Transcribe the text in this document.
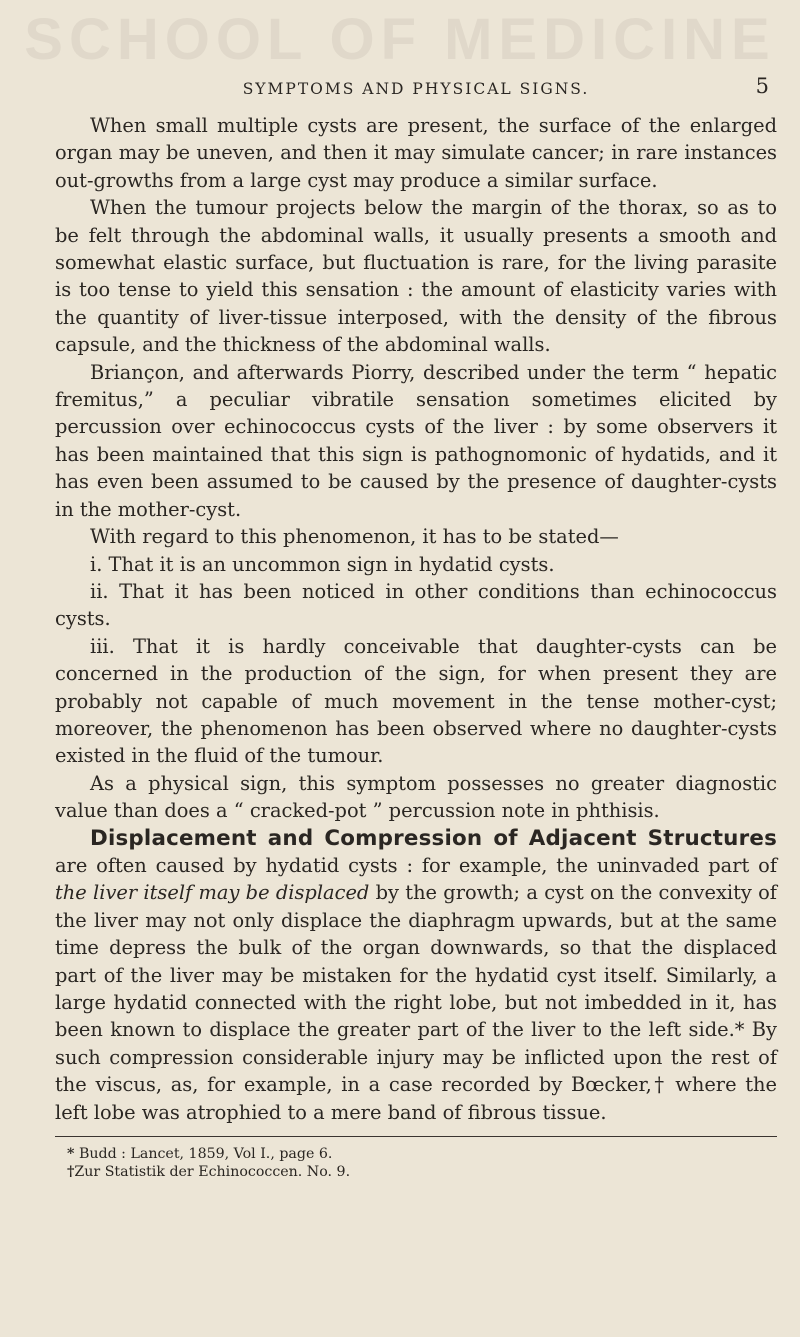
SCHOOL OF MEDICINE
SYMPTOMS AND PHYSICAL SIGNS.	5

When small multiple cysts are present, the surface of the enlarged organ may be uneven, and then it may simulate cancer; in rare instances out-growths from a large cyst may produce a similar surface.

When the tumour projects below the margin of the thorax, so as to be felt through the abdominal walls, it usually presents a smooth and somewhat elastic surface, but fluctuation is rare, for the living parasite is too tense to yield this sensation : the amount of elasticity varies with the quantity of liver-tissue interposed, with the density of the fibrous capsule, and the thickness of the abdominal walls.

Briançon, and afterwards Piorry, described under the term “ hepatic fremitus,” a peculiar vibratile sensation sometimes elicited by percussion over echinococcus cysts of the liver : by some observers it has been maintained that this sign is pathognomonic of hydatids, and it has even been assumed to be caused by the presence of daughter-cysts in the mother-cyst.

With regard to this phenomenon, it has to be stated—

i. That it is an uncommon sign in hydatid cysts.

ii. That it has been noticed in other conditions than echinococcus cysts.

iii. That it is hardly conceivable that daughter-cysts can be concerned in the production of the sign, for when present they are probably not capable of much movement in the tense mother-cyst; moreover, the phenomenon has been observed where no daughter-cysts existed in the fluid of the tumour.

As a physical sign, this symptom possesses no greater diagnostic value than does a “ cracked-pot ” percussion note in phthisis.

Displacement and Compression of Adjacent Structures are often caused by hydatid cysts : for example, the uninvaded part of the liver itself may be displaced by the growth; a cyst on the convexity of the liver may not only displace the diaphragm upwards, but at the same time depress the bulk of the organ downwards, so that the displaced part of the liver may be mistaken for the hydatid cyst itself. Similarly, a large hydatid connected with the right lobe, but not imbedded in it, has been known to displace the greater part of the liver to the left side.* By such compression considerable injury may be inflicted upon the rest of the viscus, as, for example, in a case recorded by Bœcker,† where the left lobe was atrophied to a mere band of fibrous tissue.

* Budd : Lancet, 1859, Vol I., page 6.

†Zur Statistik der Echinococcen. No. 9.
